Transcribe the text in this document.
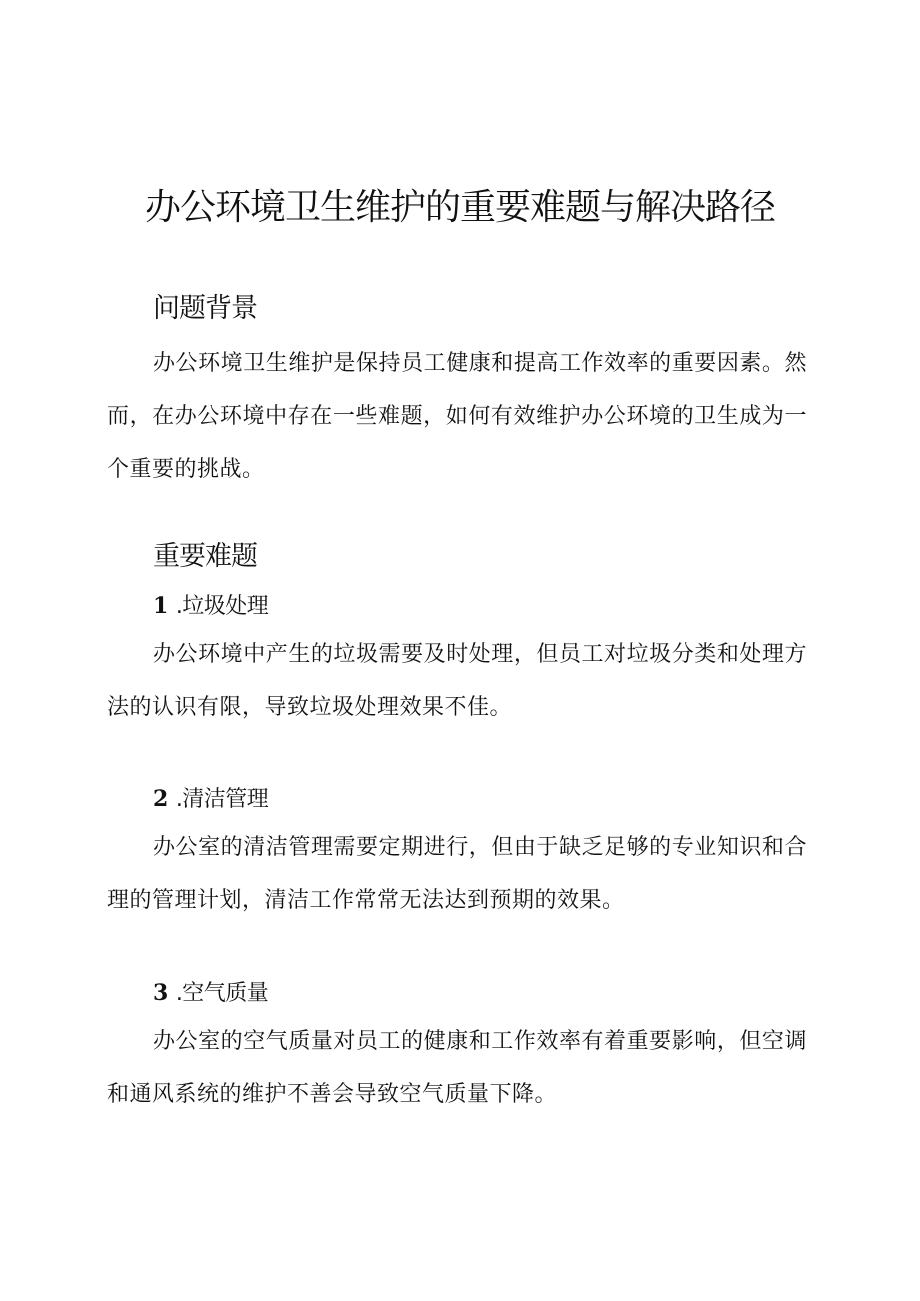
办公环境卫生维护的重要难题与解决路径
问题背景

办公环境卫生维护是保持员工健康和提高工作效率的重要因素。然而，在办公环境中存在一些难题，如何有效维护办公环境的卫生成为一个重要的挑战。

重要难题
1 .垃圾处理

办公环境中产生的垃圾需要及时处理，但员工对垃圾分类和处理方法的认识有限，导致垃圾处理效果不佳。

2 .清洁管理

办公室的清洁管理需要定期进行，但由于缺乏足够的专业知识和合理的管理计划，清洁工作常常无法达到预期的效果。

3 .空气质量

办公室的空气质量对员工的健康和工作效率有着重要影响，但空调和通风系统的维护不善会导致空气质量下降。
